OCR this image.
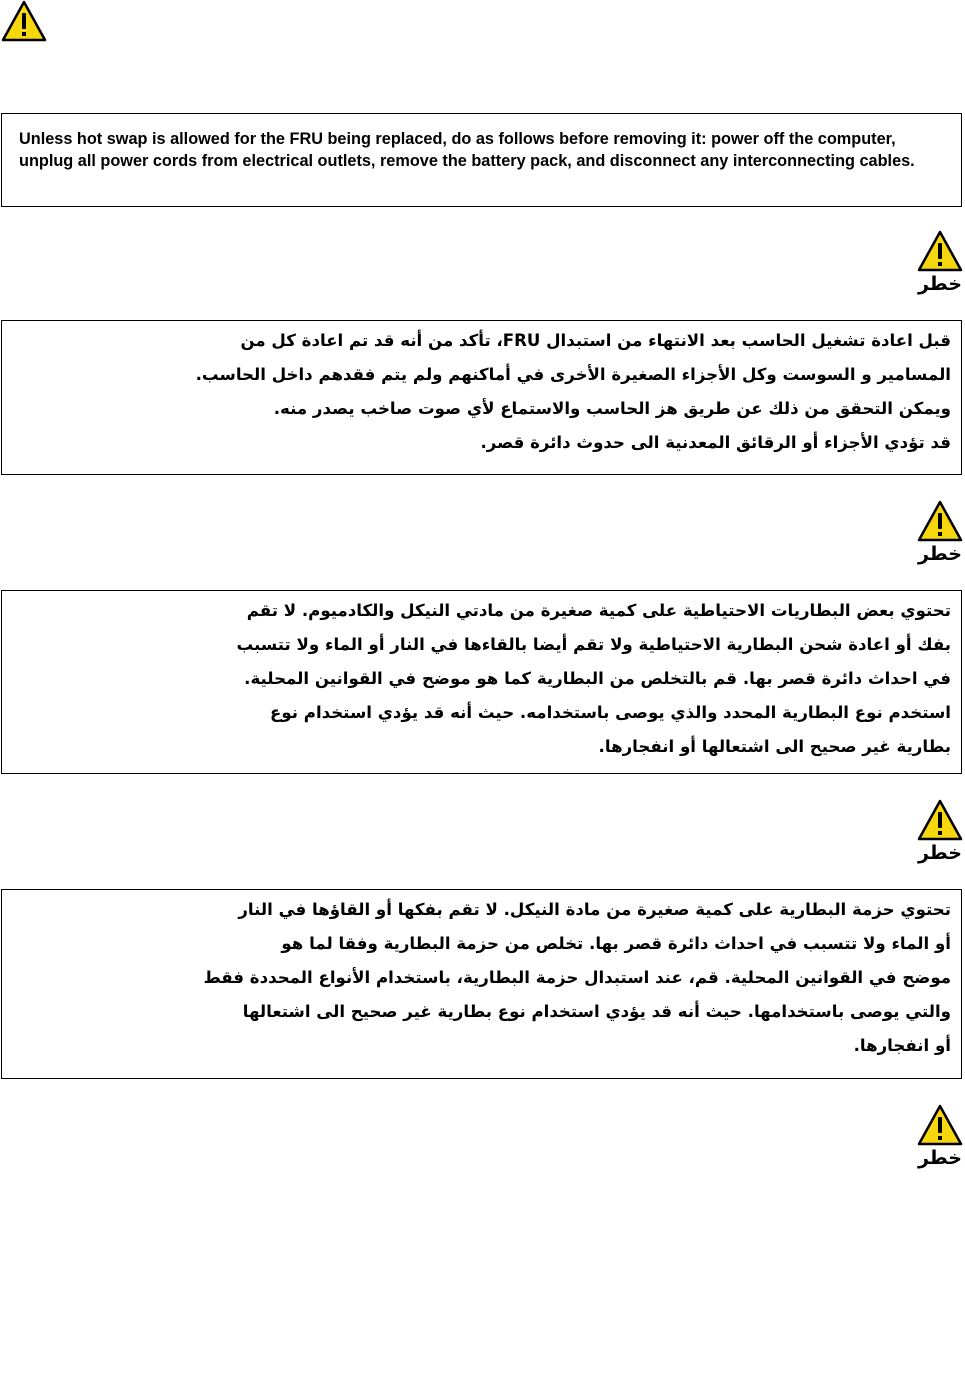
Unless hot swap is allowed for the FRU being replaced, do as follows before removing it: power off the computer, unplug all power cords from electrical outlets, remove the battery pack, and disconnect any interconnecting cables.

خطر
قبل اعادة تشغيل الحاسب بعد الانتهاء من استبدال FRU، تأكد من أنه قد تم اعادة كل من
المسامير و السوست وكل الأجزاء الصغيرة الأخرى في أماكنهم ولم يتم فقدهم داخل الحاسب.
ويمكن التحقق من ذلك عن طريق هز الحاسب والاستماع لأي صوت صاخب يصدر منه.
قد تؤدي الأجزاء أو الرقائق المعدنية الى حدوث دائرة قصر.
خطر
تحتوي بعض البطاريات الاحتياطية على كمية صغيرة من مادتي النيكل والكادميوم. لا تقم
بفك أو اعادة شحن البطارية الاحتياطية ولا تقم أيضا بالقاءها في النار أو الماء ولا تتسبب
في احداث دائرة قصر بها. قم بالتخلص من البطارية كما هو موضح في القوانين المحلية.
استخدم نوع البطارية المحدد والذي يوصى باستخدامه. حيث أنه قد يؤدي استخدام نوع
بطارية غير صحيح الى اشتعالها أو انفجارها.
خطر
تحتوي حزمة البطارية على كمية صغيرة من مادة النيكل. لا تقم بفكها أو القاؤها في النار
أو الماء ولا تتسبب في احداث دائرة قصر بها. تخلص من حزمة البطارية وفقا لما هو
موضح في القوانين المحلية. قم، عند استبدال حزمة البطارية، باستخدام الأنواع المحددة فقط
والتي يوصى باستخدامها. حيث أنه قد يؤدي استخدام نوع بطارية غير صحيح الى اشتعالها
أو انفجارها.
خطر
